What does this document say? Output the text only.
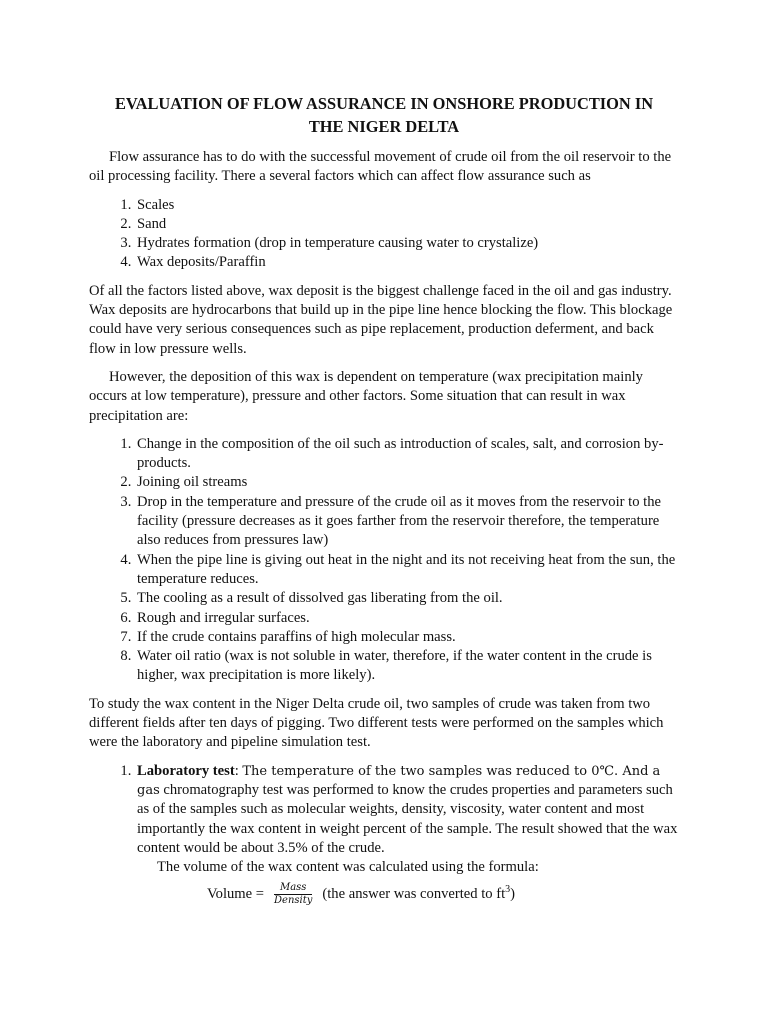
EVALUATION OF FLOW ASSURANCE IN ONSHORE PRODUCTION IN
THE NIGER DELTA

Flow assurance has to do with the successful movement of crude oil from the oil reservoir to the oil processing facility. There a several factors which can affect flow assurance such as

1. Scales
2. Sand
3. Hydrates formation (drop in temperature causing water to crystalize)
4. Wax deposits/Paraffin

Of all the factors listed above, wax deposit is the biggest challenge faced in the oil and gas industry. Wax deposits are hydrocarbons that build up in the pipe line hence blocking the flow. This blockage could have very serious consequences such as pipe replacement, production deferment, and back flow in low pressure wells.

However, the deposition of this wax is dependent on temperature (wax precipitation mainly occurs at low temperature), pressure and other factors. Some situation that can result in wax precipitation are:

1. Change in the composition of the oil such as introduction of scales, salt, and corrosion by-products.
2. Joining oil streams
3. Drop in the temperature and pressure of the crude oil as it moves from the reservoir to the facility (pressure decreases as it goes farther from the reservoir therefore, the temperature also reduces from pressures law)
4. When the pipe line is giving out heat in the night and its not receiving heat from the sun, the temperature reduces.
5. The cooling as a result of dissolved gas liberating from the oil.
6. Rough and irregular surfaces.
7. If the crude contains paraffins of high molecular mass.
8. Water oil ratio (wax is not soluble in water, therefore, if the water content in the crude is higher, wax precipitation is more likely).

To study the wax content in the Niger Delta crude oil, two samples of crude was taken from two different fields after ten days of pigging. Two different tests were performed on the samples which were the laboratory and pipeline simulation test.

1. Laboratory test: The temperature of the two samples was reduced to 0℃. And a gas chromatography test was performed to know the crudes properties and parameters such as of the samples such as molecular weights, density, viscosity, water content and most importantly the wax content in weight percent of the sample. The result showed that the wax content would be about 3.5% of the crude.
The volume of the wax content was calculated using the formula:
Volume = $\frac{\text{Mass}}{\text{Density}} (the$ answer was converted to $ft^3$)
